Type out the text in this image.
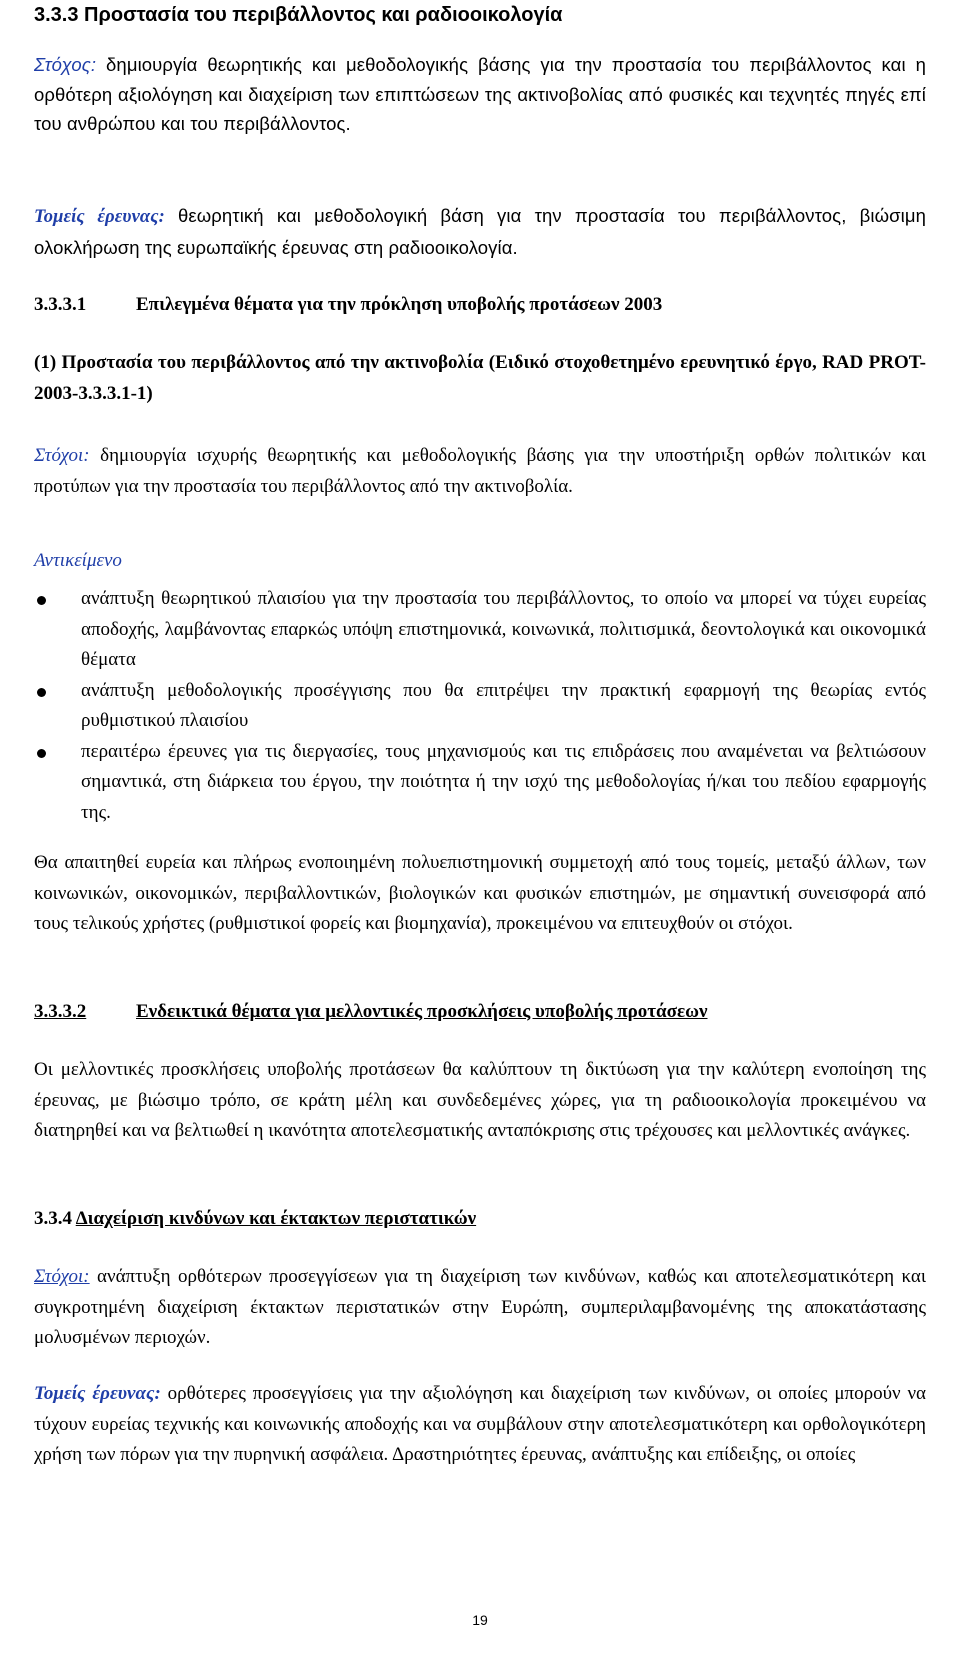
3.3.3 Προστασία του περιβάλλοντος και ραδιοοικολογία
Στόχος: δημιουργία θεωρητικής και μεθοδολογικής βάσης για την προστασία του περιβάλλοντος και η ορθότερη αξιολόγηση και διαχείριση των επιπτώσεων της ακτινοβολίας από φυσικές και τεχνητές πηγές επί του ανθρώπου και του περιβάλλοντος.
Τομείς έρευνας: θεωρητική και μεθοδολογική βάση για την προστασία του περιβάλλοντος, βιώσιμη ολοκλήρωση της ευρωπαϊκής έρευνας στη ραδιοοικολογία.
3.3.3.1	Επιλεγμένα θέματα για την πρόκληση υποβολής προτάσεων 2003
(1) Προστασία του περιβάλλοντος από την ακτινοβολία (Ειδικό στοχοθετημένο ερευνητικό έργο, RAD PROT-2003-3.3.3.1-1)
Στόχοι: δημιουργία ισχυρής θεωρητικής και μεθοδολογικής βάσης για την υποστήριξη ορθών πολιτικών και προτύπων για την προστασία του περιβάλλοντος από την ακτινοβολία.
Αντικείμενο
ανάπτυξη θεωρητικού πλαισίου για την προστασία του περιβάλλοντος, το οποίο να μπορεί να τύχει ευρείας αποδοχής, λαμβάνοντας επαρκώς υπόψη επιστημονικά, κοινωνικά, πολιτισμικά, δεοντολογικά και οικονομικά θέματα
ανάπτυξη μεθοδολογικής προσέγγισης που θα επιτρέψει την πρακτική εφαρμογή της θεωρίας εντός ρυθμιστικού πλαισίου
περαιτέρω έρευνες για τις διεργασίες, τους μηχανισμούς και τις επιδράσεις που αναμένεται να βελτιώσουν σημαντικά, στη διάρκεια του έργου, την ποιότητα ή την ισχύ της μεθοδολογίας ή/και του πεδίου εφαρμογής της.
Θα απαιτηθεί ευρεία και πλήρως ενοποιημένη πολυεπιστημονική συμμετοχή από τους τομείς, μεταξύ άλλων, των κοινωνικών, οικονομικών, περιβαλλοντικών, βιολογικών και φυσικών επιστημών, με σημαντική συνεισφορά από τους τελικούς χρήστες (ρυθμιστικοί φορείς και βιομηχανία), προκειμένου να επιτευχθούν οι στόχοι.
3.3.3.2	Ενδεικτικά θέματα για μελλοντικές προσκλήσεις υποβολής προτάσεων
Οι μελλοντικές προσκλήσεις υποβολής προτάσεων θα καλύπτουν τη δικτύωση για την καλύτερη ενοποίηση της έρευνας, με βιώσιμο τρόπο, σε κράτη μέλη και συνδεδεμένες χώρες, για τη ραδιοοικολογία προκειμένου να διατηρηθεί και να βελτιωθεί η ικανότητα αποτελεσματικής ανταπόκρισης στις τρέχουσες και μελλοντικές ανάγκες.
3.3.4 Διαχείριση κινδύνων και έκτακτων περιστατικών
Στόχοι: ανάπτυξη ορθότερων προσεγγίσεων για τη διαχείριση των κινδύνων, καθώς και αποτελεσματικότερη και συγκροτημένη διαχείριση έκτακτων περιστατικών στην Ευρώπη, συμπεριλαμβανομένης της αποκατάστασης μολυσμένων περιοχών.
Τομείς έρευνας: ορθότερες προσεγγίσεις για την αξιολόγηση και διαχείριση των κινδύνων, οι οποίες μπορούν να τύχουν ευρείας τεχνικής και κοινωνικής αποδοχής και να συμβάλουν στην αποτελεσματικότερη και ορθολογικότερη χρήση των πόρων για την πυρηνική ασφάλεια. Δραστηριότητες έρευνας, ανάπτυξης και επίδειξης, οι οποίες
19
